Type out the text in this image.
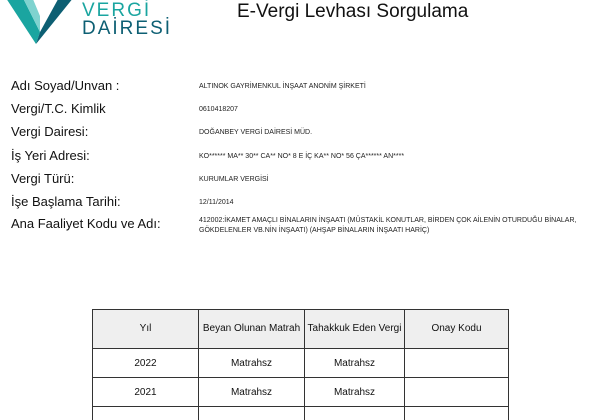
VERGİ
DAİRESİ
E-Vergi Levhası Sorgulama
Adı Soyad/Unvan :	ALTINOK GAYRİMENKUL İNŞAAT ANONİM ŞİRKETİ
Vergi/T.C. Kimlik	0610418207
Vergi Dairesi:	DOĞANBEY VERGİ DAİRESİ MÜD.
İş Yeri Adresi:	KO****** MA** 30** CA** NO* 8 E İÇ KA** NO* 56 ÇA****** AN****
Vergi Türü:	KURUMLAR VERGİSİ
İşe Başlama Tarihi:	12/11/2014
Ana Faaliyet Kodu ve Adı:	412002:İKAMET AMAÇLI BİNALARIN İNŞAATI (MÜSTAKİL KONUTLAR, BİRDEN ÇOK AİLENİN OTURDUĞU BİNALAR, GÖKDELENLER VB.NİN İNŞAATI) (AHŞAP BİNALARIN İNŞAATI HARİÇ)
Yıl	Beyan Olunan Matrah	Tahakkuk Eden Vergi	Onay Kodu
2022	Matrahsz	Matrahsz	
2021	Matrahsz	Matrahsz	
